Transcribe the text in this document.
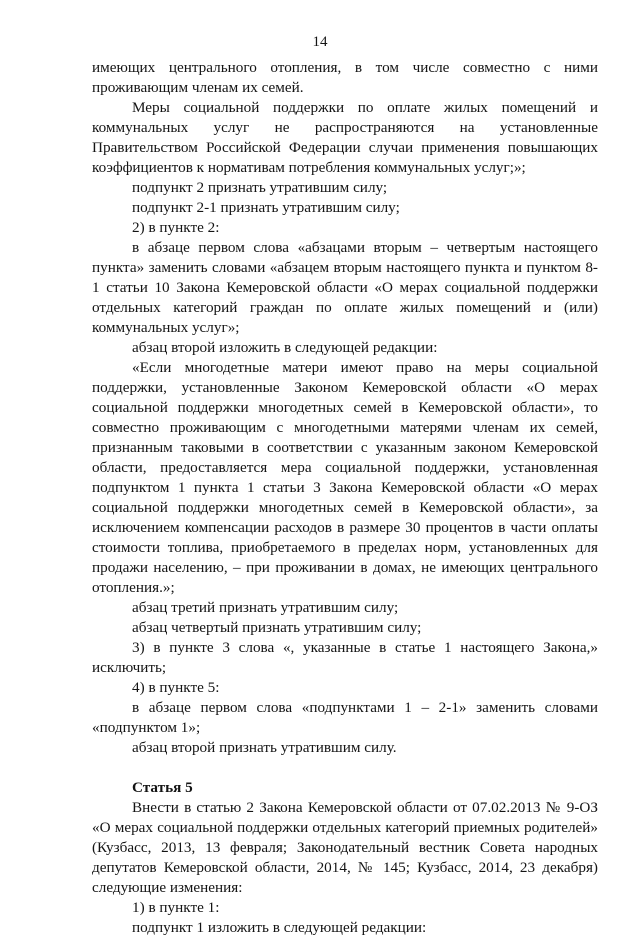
14

имеющих центрального отопления, в том числе совместно с ними проживающим членам их семей.

Меры социальной поддержки по оплате жилых помещений и коммунальных услуг не распространяются на установленные Правительством Российской Федерации случаи применения повышающих коэффициентов к нормативам потребления коммунальных услуг;»;

подпункт 2 признать утратившим силу;

подпункт 2-1 признать утратившим силу;

2) в пункте 2:

в абзаце первом слова «абзацами вторым – четвертым настоящего пункта» заменить словами «абзацем вторым настоящего пункта и пунктом 8-1 статьи 10 Закона Кемеровской области «О мерах социальной поддержки отдельных категорий граждан по оплате жилых помещений и (или) коммунальных услуг»;

абзац второй изложить в следующей редакции:

«Если многодетные матери имеют право на меры социальной поддержки, установленные Законом Кемеровской области «О мерах социальной поддержки многодетных семей в Кемеровской области», то совместно проживающим с многодетными матерями членам их семей, признанным таковыми в соответствии с указанным законом Кемеровской области, предоставляется мера социальной поддержки, установленная подпунктом 1 пункта 1 статьи 3 Закона Кемеровской области «О мерах социальной поддержки многодетных семей в Кемеровской области», за исключением компенсации расходов в размере 30 процентов в части оплаты стоимости топлива, приобретаемого в пределах норм, установленных для продажи населению, – при проживании в домах, не имеющих центрального отопления.»;

абзац третий признать утратившим силу;

абзац четвертый признать утратившим силу;

3) в пункте 3 слова «, указанные в статье 1 настоящего Закона,» исключить;

4) в пункте 5:

в абзаце первом слова «подпунктами 1 – 2-1» заменить словами «подпунктом 1»;

абзац второй признать утратившим силу.

Статья 5

Внести в статью 2 Закона Кемеровской области от 07.02.2013 № 9-ОЗ «О мерах социальной поддержки отдельных категорий приемных родителей» (Кузбасс, 2013, 13 февраля; Законодательный вестник Совета народных депутатов Кемеровской области, 2014, № 145; Кузбасс, 2014, 23 декабря) следующие изменения:

1) в пункте 1:

подпункт 1 изложить в следующей редакции:
